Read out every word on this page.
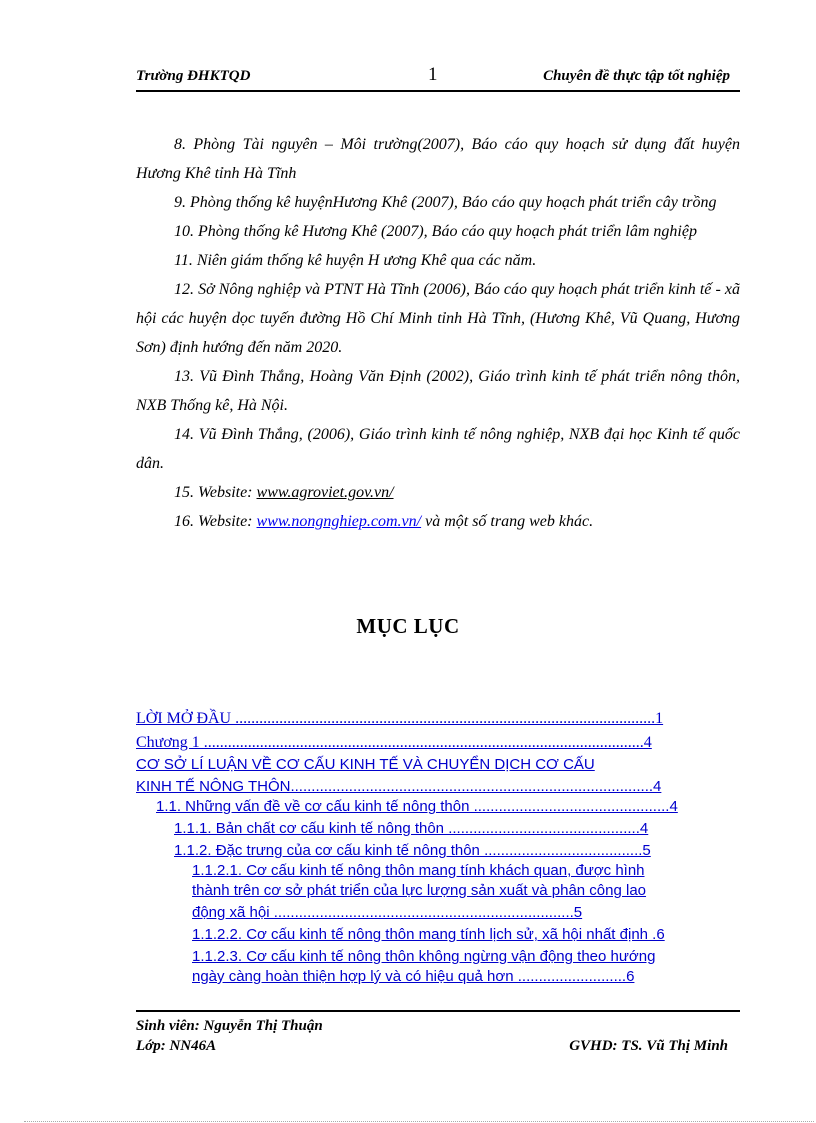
Trường ĐHKTQD	1	Chuyên đề thực tập tốt nghiệp

8. Phòng Tài nguyên – Môi trường(2007), Báo cáo quy hoạch sử dụng đất huyện Hương Khê tỉnh Hà Tĩnh

9. Phòng thống kê huyệnHương Khê (2007), Báo cáo quy hoạch phát triển cây trồng

10. Phòng thống kê Hương Khê (2007), Báo cáo quy hoạch phát triển lâm nghiệp

11. Niên giám thống kê huyện H ương Khê qua các năm.

12. Sở Nông nghiệp và PTNT Hà Tĩnh (2006), Báo cáo quy hoạch phát triển kinh tế - xã hội các huyện dọc tuyến đường Hồ Chí Minh tỉnh Hà Tĩnh, (Hương Khê, Vũ Quang, Hương Sơn) định hướng đến năm 2020.

13. Vũ Đình Thắng, Hoàng Văn Định (2002), Giáo trình kinh tế phát triển nông thôn, NXB Thống kê, Hà Nội.

14. Vũ Đình Thắng, (2006), Giáo trình kinh tế nông nghiệp, NXB đại học Kinh tế quốc dân.

15. Website: www.agroviet.gov.vn/

16. Website: www.nongnghiep.com.vn/ và một số trang web khác.

MỤC LỤC
LỜI MỞ ĐẦU .........................................................................................................1
Chương 1 ..............................................................................................................4
CƠ SỞ LÍ LUẬN VỀ CƠ CẤU KINH TẾ VÀ CHUYỂN DỊCH CƠ CẤU
KINH TẾ NÔNG THÔN.......................................................................................4
1.1. Những vấn đề về cơ cấu kinh tế nông thôn ...............................................4
1.1.1. Bản chất cơ cấu kinh tế nông thôn ..............................................4
1.1.2. Đặc trưng của cơ cấu kinh tế nông thôn ......................................5
1.1.2.1. Cơ cấu kinh tế nông thôn mang tính khách quan, được hình
thành trên cơ sở phát triển của lực lượng sản xuất và phân công lao
động xã hội ........................................................................5
1.1.2.2. Cơ cấu kinh tế nông thôn mang tính lịch sử, xã hội nhất định .6
1.1.2.3. Cơ cấu kinh tế nông thôn không ngừng vận động theo hướng
ngày càng hoàn thiện hợp lý và có hiệu quả hơn ..........................6
Sinh viên: Nguyễn Thị Thuận
Lớp: NN46A	GVHD: TS. Vũ Thị Minh
